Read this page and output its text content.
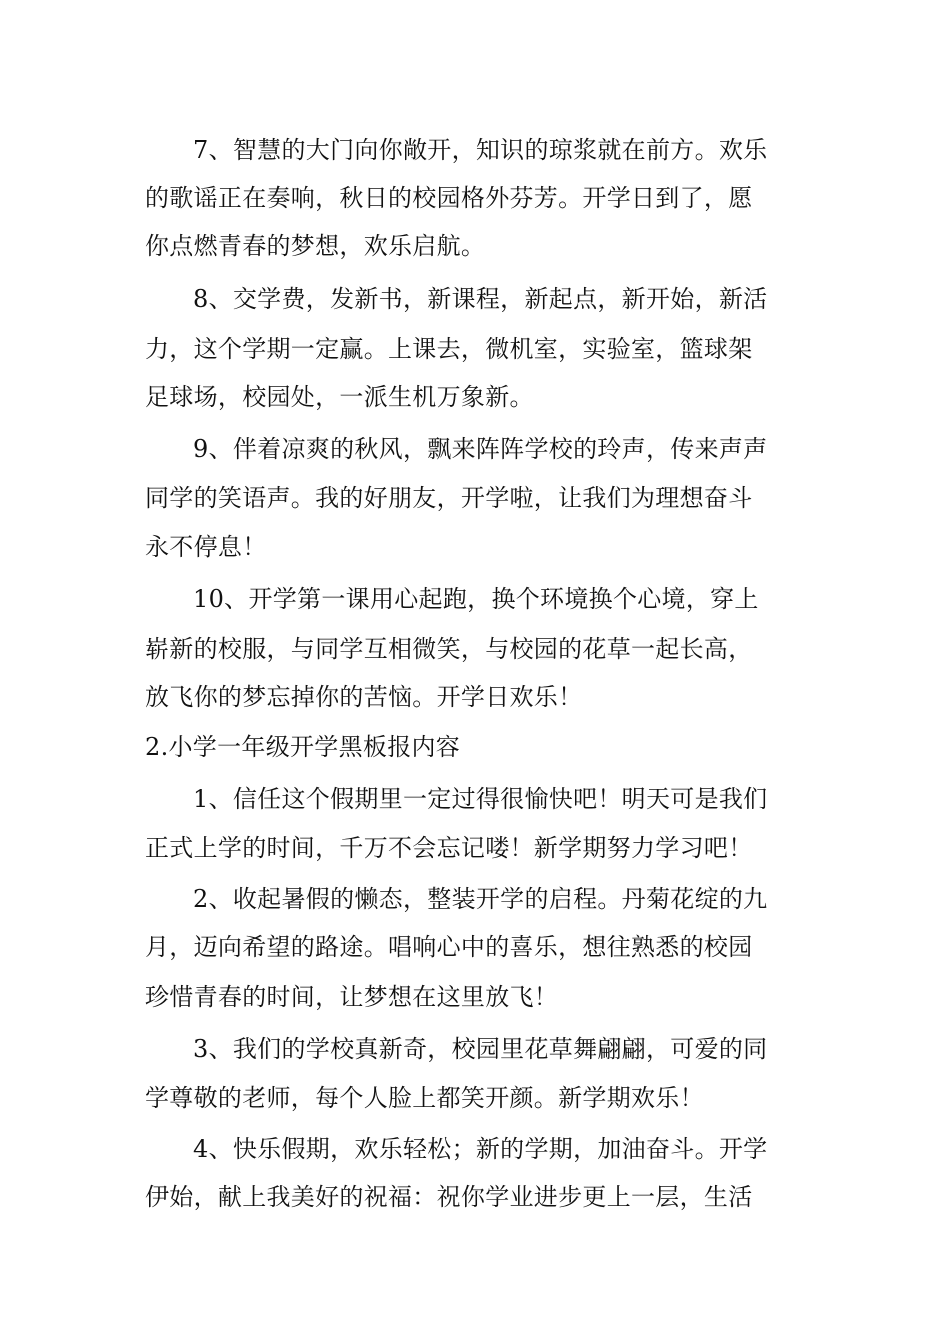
7、智慧的大门向你敞开，知识的琼浆就在前方。欢乐
的歌谣正在奏响，秋日的校园格外芬芳。开学日到了，愿
你点燃青春的梦想，欢乐启航。
8、交学费，发新书，新课程，新起点，新开始，新活
力，这个学期一定赢。上课去，微机室，实验室，篮球架
足球场，校园处，一派生机万象新。
9、伴着凉爽的秋风，飘来阵阵学校的玲声，传来声声
同学的笑语声。我的好朋友，开学啦，让我们为理想奋斗
永不停息！
10、开学第一课用心起跑，换个环境换个心境，穿上
崭新的校服，与同学互相微笑，与校园的花草一起长高，
放飞你的梦忘掉你的苦恼。开学日欢乐！
2.小学一年级开学黑板报内容
1、信任这个假期里一定过得很愉快吧！明天可是我们
正式上学的时间，千万不会忘记喽！新学期努力学习吧！
2、收起暑假的懒态，整装开学的启程。丹菊花绽的九
月，迈向希望的路途。唱响心中的喜乐，想往熟悉的校园
珍惜青春的时间，让梦想在这里放飞！
3、我们的学校真新奇，校园里花草舞翩翩，可爱的同
学尊敬的老师，每个人脸上都笑开颜。新学期欢乐！
4、快乐假期，欢乐轻松；新的学期，加油奋斗。开学
伊始，献上我美好的祝福：祝你学业进步更上一层，生活
